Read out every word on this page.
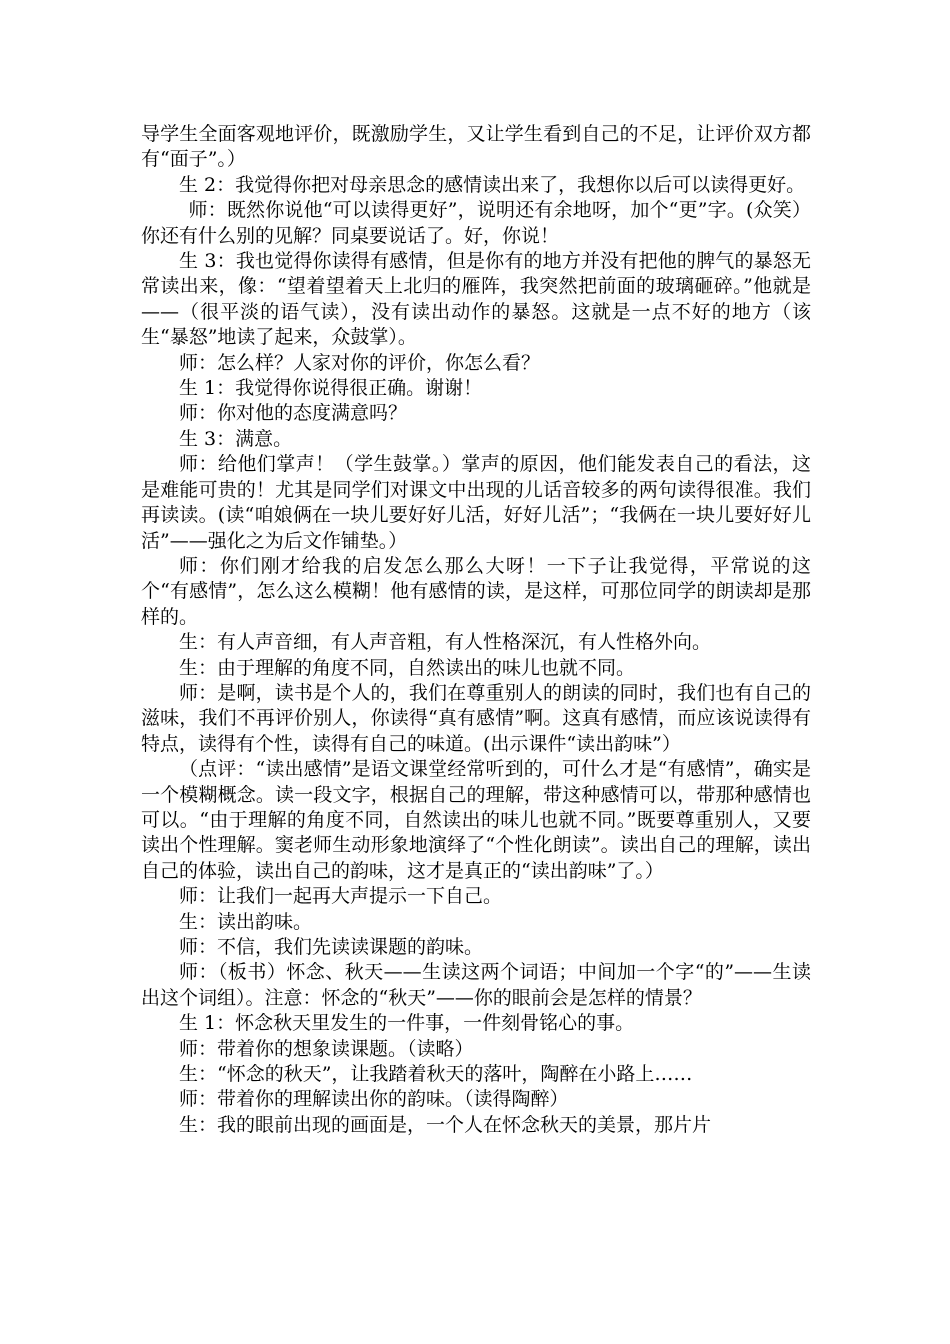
导学生全面客观地评价，既激励学生，又让学生看到自己的不足，让评价双方都有“面子”。）

生 2：我觉得你把对母亲思念的感情读出来了，我想你以后可以读得更好。

师：既然你说他“可以读得更好”，说明还有余地呀，加个“更”字。(众笑）你还有什么别的见解？同桌要说话了。好，你说！

生 3：我也觉得你读得有感情，但是你有的地方并没有把他的脾气的暴怒无常读出来，像：“望着望着天上北归的雁阵，我突然把前面的玻璃砸碎。”他就是——（很平淡的语气读），没有读出动作的暴怒。这就是一点不好的地方（该生“暴怒”地读了起来，众鼓掌）。

师：怎么样？人家对你的评价，你怎么看？

生 1：我觉得你说得很正确。谢谢！

师：你对他的态度满意吗？

生 3：满意。

师：给他们掌声！（学生鼓掌。）掌声的原因，他们能发表自己的看法，这是难能可贵的！尤其是同学们对课文中出现的儿话音较多的两句读得很准。我们再读读。(读“咱娘俩在一块儿要好好儿活，好好儿活”；“我俩在一块儿要好好儿活”——强化之为后文作铺垫。）

师：你们刚才给我的启发怎么那么大呀！一下子让我觉得，平常说的这个“有感情”，怎么这么模糊！他有感情的读，是这样，可那位同学的朗读却是那样的。

生：有人声音细，有人声音粗，有人性格深沉，有人性格外向。

生：由于理解的角度不同，自然读出的味儿也就不同。

师：是啊，读书是个人的，我们在尊重别人的朗读的同时，我们也有自己的滋味，我们不再评价别人，你读得“真有感情”啊。这真有感情，而应该说读得有特点，读得有个性，读得有自己的味道。(出示课件“读出韵味”）

（点评：“读出感情”是语文课堂经常听到的，可什么才是“有感情”，确实是一个模糊概念。读一段文字，根据自己的理解，带这种感情可以，带那种感情也可以。“由于理解的角度不同，自然读出的味儿也就不同。”既要尊重别人，又要读出个性理解。窦老师生动形象地演绎了“个性化朗读”。读出自己的理解，读出自己的体验，读出自己的韵味，这才是真正的“读出韵味”了。）

师：让我们一起再大声提示一下自己。

生：读出韵味。

师：不信，我们先读读课题的韵味。

师：（板书）怀念、秋天——生读这两个词语；中间加一个字“的”——生读出这个词组）。注意：怀念的“秋天”——你的眼前会是怎样的情景？

生 1：怀念秋天里发生的一件事，一件刻骨铭心的事。

师：带着你的想象读课题。（读略）

生：“怀念的秋天”，让我踏着秋天的落叶，陶醉在小路上……

师：带着你的理解读出你的韵味。（读得陶醉）

生：我的眼前出现的画面是，一个人在怀念秋天的美景，那片片
